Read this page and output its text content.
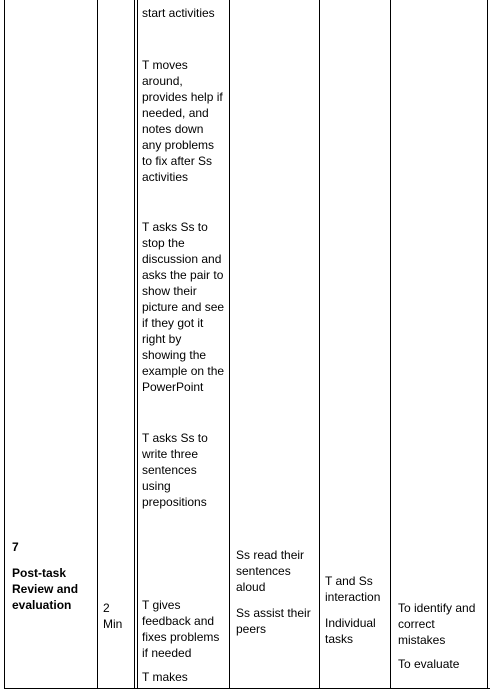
7
Post-task
Review and
evaluation	2
Min
start activities
T moves
around,
provides help if
needed, and
notes down
any problems
to fix after Ss
activities
T asks Ss to
stop the
discussion and
asks the pair to
show their
picture and see
if they got it
right by
showing the
example on the
PowerPoint
T asks Ss to
write three
sentences
using
prepositions
T gives
feedback and
fixes problems
if needed
T makes
Ss read their
sentences
aloud
Ss assist their
peers
T and Ss
interaction
Individual
tasks
To identify and
correct
mistakes
To evaluate
